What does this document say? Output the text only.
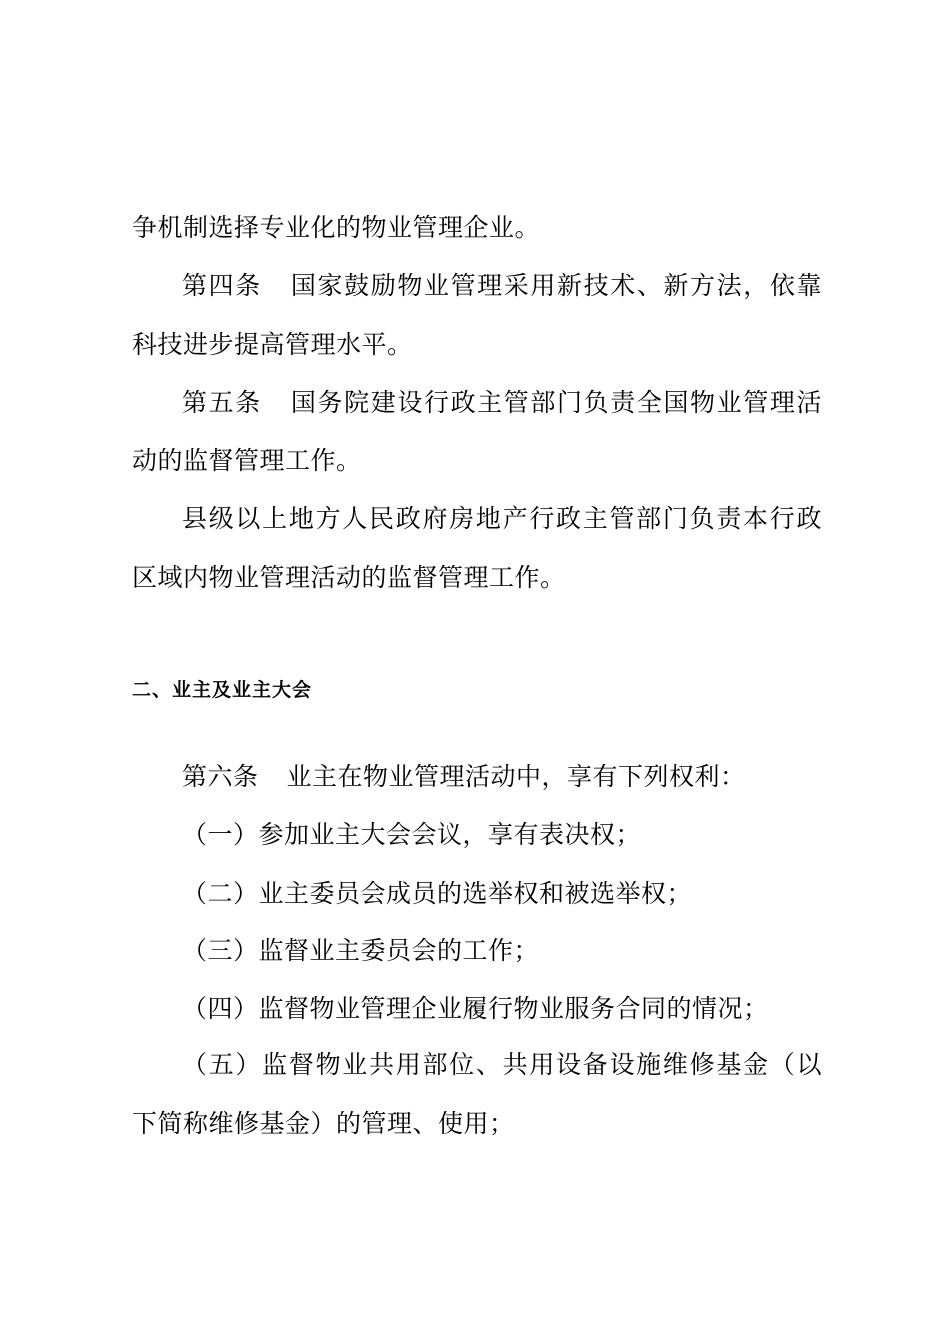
争机制选择专业化的物业管理企业。
第四条 国家鼓励物业管理采用新技术、新方法，依靠
科技进步提高管理水平。
第五条 国务院建设行政主管部门负责全国物业管理活
动的监督管理工作。
县级以上地方人民政府房地产行政主管部门负责本行政
区域内物业管理活动的监督管理工作。
二、业主及业主大会
第六条 业主在物业管理活动中，享有下列权利：
（一）参加业主大会会议，享有表决权；
（二）业主委员会成员的选举权和被选举权；
（三）监督业主委员会的工作；
（四）监督物业管理企业履行物业服务合同的情况；
（五）监督物业共用部位、共用设备设施维修基金（以
下简称维修基金）的管理、使用；
